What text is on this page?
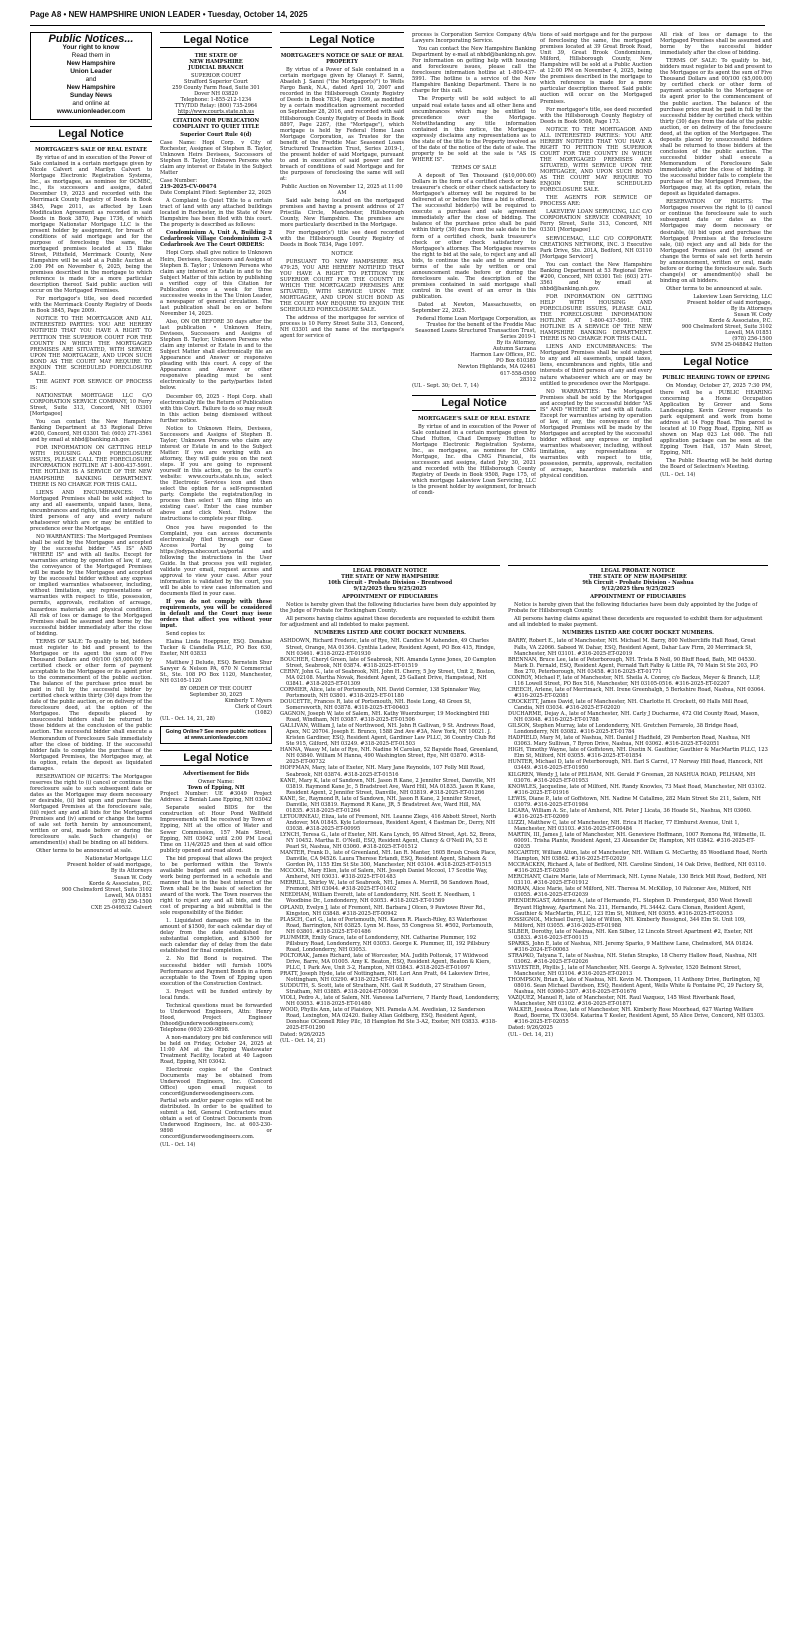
Page A8 • NEW HAMPSHIRE UNION LEADER • Tuesday, October 14, 2025
Public Notices...
Your right to know
Read them in
New Hampshire
Union Leader
and
New Hampshire
Sunday News
and online at
www.unionleader.com
Legal Notice
MORTGAGEE'S SALE OF REAL ESTATE

By virtue of and in execution of the Power of Sale contained in a certain mortgage given by Nicole Calvert and Marilyn Calvert to Mortgage Electronic Registration Systems, Inc., as mortgagee, as nominee for OCMBC, Inc., its successors and assigns, dated December 19, 2023 and recorded with the Merrimack County Registry of Deeds in Book 3845, Page 2011, as affected by Loan Modification Agreement as recorded in said Deeds in Book 3870, Page 1736, of which mortgage Nationstar Mortgage LLC is the present holder by assignment, for breach of conditions of said mortgage and for the purpose of foreclosing the same, the mortgaged premises located at 15 Blake Street, Pittsfield, Merrimack County, New Hampshire will be sold at a Public Auction at 2:00 PM on November 6, 2025, being the premises described in the mortgage to which reference is made for a more particular description thereof. Said public auction will occur on the Mortgaged Premises.

For mortgagor's title, see deed recorded with the Merrimack County Registry of Deeds in Book 3845, Page 2009.

NOTICE TO THE MORTGAGOR AND ALL INTERESTED PARTIES: YOU ARE HEREBY NOTIFIED THAT YOU HAVE A RIGHT TO PETITION THE SUPERIOR COURT FOR THE COUNTY IN WHICH THE MORTGAGED PREMISES ARE SITUATED, WITH SERVICE UPON THE MORTGAGEE, AND UPON SUCH BOND AS THE COURT MAY REQUIRE TO ENJOIN THE SCHEDULED FORECLOSURE SALE.

THE AGENT FOR SERVICE OF PROCESS IS:

NATIONSTAR MORTGAGE LLC C/O CORPORATION SERVICE COMPANY, 10 Ferry Street, Suite 313, Concord, NH 03301 [Mortgagee]

You can contact the New Hampshire Banking Department at 53 Regional Drive #200, Concord, NH 03301 Tel: (603) 271-3561 and by email at nhbd@banking.nh.gov.

FOR INFORMATION ON GETTING HELP WITH HOUSING AND FORECLOSURE ISSUES, PLEASE CALL THE FORECLOSURE INFORMATION HOTLINE AT 1-800-437-5991. THE HOTLINE IS A SERVICE OF THE NEW HAMPSHIRE BANKING DEPARTMENT. THERE IS NO CHARGE FOR THIS CALL.

LIENS AND ENCUMBRANCES: The Mortgaged Premises shall be sold subject to any and all easements, unpaid taxes, liens, encumbrances and rights, title and interests of third persons of any and every nature whatsoever which are or may be entitled to precedence over the Mortgage.

NO WARRANTIES: The Mortgaged Premises shall be sold by the Mortgagee and accepted by the successful bidder "AS IS" AND "WHERE IS" and with all faults. Except for warranties arising by operation of law, if any, the conveyance of the Mortgaged Premises will be made by the Mortgagee and accepted by the successful bidder without any express or implied warranties whatsoever, including, without limitation, any representations or warranties with respect to title, possession, permits, approvals, recitation of acreage, hazardous materials and physical condition. All risk of loss or damage to the Mortgaged Premises shall be assumed and borne by the successful bidder immediately after the close of bidding.

TERMS OF SALE: To qualify to bid, bidders must register to bid and present to the Mortgagee or its agent the sum of Five Thousand Dollars and 00/100 ($5,000.00) by certified check or other form of payment acceptable to the Mortgagee or its agent prior to the commencement of the public auction. The balance of the purchase price must be paid in full by the successful bidder by certified check within thirty (30) days from the date of the public auction, or on delivery of the foreclosure deed, at the option of the Mortgagee. The deposits placed by unsuccessful bidders shall be returned to those bidders at the conclusion of the public auction. The successful bidder shall execute a Memorandum of Foreclosure Sale immediately after the close of bidding. If the successful bidder fails to complete the purchase of the Mortgaged Premises, the Mortgagee may, at its option, retain the deposit as liquidated damages.

RESERVATION OF RIGHTS: The Mortgagee reserves the right to (i) cancel or continue the foreclosure sale to such subsequent date or dates as the Mortgagee may deem necessary or desirable, (ii) bid upon and purchase the Mortgaged Premises at the foreclosure sale, (iii) reject any and all bids for the Mortgaged Premises and (iv) amend or change the terms of sale set forth herein by announcement, written or oral, made before or during the foreclosure sale. Such change(s) or amendment(s) shall be binding on all bidders.

Other terms to be announced at sale.

Nationstar Mortgage LLC
Present holder of said mortgage,
By its Attorneys
Susan W. Cody
Korde & Associates, P.C.
900 Chelmsford Street, Suite 3102
Lowell, MA 01851
(978) 256-1500
CXE 25-049532 Calvert
Legal Notice
THE STATE OF
NEW HAMPSHIRE
JUDICIAL BRANCH
SUPERIOR COURT
Strafford Superior Court
259 County Farm Road, Suite 301
Dover NH 03820
Telephone: 1-855-212-1234
TTY/TDD Relay: (800) 735-2964
http://www.courts.state.nh.us
CITATION FOR PUBLICATION COMPLAINT TO QUIET TITLE
Superior Court Rule 4(d)

Case Name: Hopi Corp. v City of Rochester, Assignee of Stephen B. Taylor, Unknown Heirs Devisees, Successors of Stephen B. Taylor, Unknown Persons who claim any interest or Estate in the Subject Matter

Case Number:
219-2025-CV-00474

Date Complaint Filed: September 22, 2025

A Complaint to Quiet Title to a certain tract of land with any attached buildings located in Rochester, in the State of New Hampshire has been filed with this court. The property is described as follows:

Condominium A, Unit A, Building 2 Cedarbrook Village Condominium 2-A Cedarbrook Ave The Court ORDERS:

Hopi Corp. shall give notice to Unknown Heirs, Devisees, Successors and Assigns of Stephen B. Taylor ; Unknown Persons who claim any interest or Estate in and to the Subject Matter of this action by publishing a verified copy of this Citation for Publication once a week for three successive weeks in the The Union Leader, a newspaper of general circulation. The last publication shall be on or before November 14, 2025.

Also, ON OR BEFORE 30 days after the last publication • Unknown Heirs, Devisees, Successors and Assigns of Stephen B. Taylor; Unknown Persons who claim any interest or Estate in and to the Subject Matter shall electronically file an Appearance and Answer or responsive pleading with this court. A copy of the Appearance and Answer or other responsive pleading must be sent electronically to the party/parties listed below.

December 05, 2025 - Hopi Corp. shall electronically file the Return of Publication with this Court. Failure to do so may result in this action being dismissed without further notice.

Notice to Unknown Heirs, Devisees, Successors and Assigns of Stephen B. Taylor; Unknown Persons who claim any interest or Estate in and to the Subject Matter: If you are working with an attorney, they will guide you on the next steps. If you are going to represent yourself in this action, go to the court's website: www.courts.state.nh.us, select the Electronic Services icon and then select the option for a self-represented party. Complete the registration/log in process then select 'I am filing into an existing case'. Enter the case number above and click Next. Follow the instructions to complete your filing.

Once you have responded to the Complaint, you can access documents electronically filed through our Case Access Portal by going to https://odypa.nhecourt.us/portal and following the instructions in the User Guide. In that process you will register, validate your email, request access and approval to view your case. After your information is validated by the court, you will be able to view case information and documents filed in your case.

If you do not comply with these requirements, you will be considered in default and the Court may issue orders that affect you without your input.

Send copies to:

Elaina Linda Hoeppner, ESQ. Donahue Tucker & Ciandella PLLC, PO Box 630, Exeter, NH 03833

Matthew J Delude, ESQ. Bernstein Shur Sawyer & Nelson PA, 670 N Commercial St., Ste. 108 PO Box 1120, Manchester, NH 03105-1120

BY ORDER OF THE COURT
September 30, 2025
Kimberly T. Myers
Clerk of Court
(1082)
(UL - Oct. 14, 21, 28)
Going Online? See more public notices at www.unionleader.com
Legal Notice
Advertisement for Bids
Owner Name:
Town of Epping, NH

Project Number: UE #3049 Project Address: 2 Beniah Lane Epping, NH 03042

Separate sealed BIDS for the construction of: Hour Pond Wellfield Improvements will be received by Town of Epping, NH at the office of Water and Sewer Commission, 157 Main Street, Epping, NH 03042 until 2:00 PM Local Time on 11/4/2025 and then at said office publicly opened and read aloud.

The bid proposal that allows the project to be performed within the Town's available budget and will result in the work being performed in a schedule and manner that is in the best interest of the Town shall be the basis of selection for award of the work. The Town reserves the right to reject any and all bids, and the cost of preparing a bid submittal is the sole responsibility of the Bidder.

1. Liquidated damages will be in the amount of $1500, for each calendar day of delay from the date established for substantial completion, and $1500 for each calendar day of delay from the date established for final completion.

2. No Bid Bond is required. The successful bidder will furnish 100% Performance and Payment Bonds in a form acceptable to the Town of Epping upon execution of the Construction Contract.

3. Project will be funded entirely by local funds.

Technical questions must be forwarded to Underwood Engineers, Attn: Henry Hood, Project Engineer (hhood@underwoodengineers.com); Telephone (603) 230-9898.

A non-mandatory pre bid conference will be held on Friday, October 24, 2025 at 11:00 AM at the Epping Wastewater Treatment Facility, located at 40 Lagoon Road, Epping, NH 03042.

Electronic copies of the Contract Documents may be obtained from Underwood Engineers, Inc. (Concord Office) upon email request to concord@underwoodengineers.com. Partial sets and/or paper copies will not be distributed. In order to be qualified to submit a bid, General Contractors must obtain a set of Contract Documents from Underwood Engineers, Inc. at 603-230-9898 or concord@underwoodengineers.com.

(UL - Oct. 14)
Legal Notice
MORTGAGEE'S NOTICE OF SALE OF REAL PROPERTY

By virtue of a Power of Sale contained in a certain mortgage given by Olanayi F. Sanni, Abaeleh J. Sanni ("the Mortgagor(s)") to Wells Fargo Bank, N.A., dated April 10, 2007 and recorded in the Hillsborough County Registry of Deeds in Book 7834, Page 1099, as modified by a certain modification agreement recorded on September 28, 2016, and recorded with said Hillsborough County Registry of Deeds in Book 8897, Page 2267, (the "Mortgage"), which mortgage is held by Federal Home Loan Mortgage Corporation, as Trustee for the benefit of the Freddie Mac Seasoned Loans Structured Transaction Trust, Series 2019-1, the present holder of said Mortgage, pursuant to and in execution of said power and for breach of conditions of said Mortgage and for the purposes of foreclosing the same will sell at:

Public Auction on November 12, 2025 at 11:00 AM

Said sale being located on the mortgaged premises and having a present address of 27 Priscilla Circle, Manchester, Hillsborough County, New Hampshire. The premises are more particularly described in the Mortgage.

For mortgagor(s') title see deed recorded with the Hillsborough County Registry of Deeds in Book 7834, Page 1097.

NOTICE

PURSUANT TO NEW HAMPSHIRE RSA 479:25, YOU ARE HEREBY NOTIFIED THAT YOU HAVE A RIGHT TO PETITION THE SUPERIOR COURT FOR THE COUNTY IN WHICH THE MORTGAGED PREMISES ARE SITUATED, WITH SERVICE UPON THE MORTGAGEE, AND UPON SUCH BOND AS THE COURT MAY REQUIRE TO ENJOIN THE SCHEDULED FORECLOSURE SALE.

The address of the mortgagee for service of process is 10 Ferry Street Suite 313, Concord, NH 03301 and the name of the mortgagee's agent for service of

process is Corporation Service Company d/b/a Lawyers Incorporating Service.

You can contact the New Hampshire Banking Department by e-mail at nhbd@banking.nh.gov. For information on getting help with housing and foreclosure issues, please call the foreclosure information hotline at 1-800-437-5991. The hotline is a service of the New Hampshire Banking Department. There is no charge for this call.

The Property will be sold subject to all unpaid real estate taxes and all other liens and encumbrances which may be entitled to precedence over the Mortgage. Notwithstanding any title information contained in this notice, the Mortgagee expressly disclaims any representations as to the state of the title to the Property involved as of the date of the notice of the date of sale. The property to be sold at the sale is "AS IS WHERE IS".

TERMS OF SALE

A deposit of Ten Thousand ($10,000.00) Dollars in the form of a certified check or bank treasurer's check or other check satisfactory to Mortgagee's attorney will be required to be delivered at or before the time a bid is offered. The successful bidder(s) will be required to execute a purchase and sale agreement immediately after the close of bidding. The balance of the purchase price shall be paid within thirty (30) days from the sale date in the form of a certified check, bank treasurer's check or other check satisfactory to Mortgagee's attorney. The Mortgagee reserves the right to bid at the sale, to reject any and all bids, to continue the sale and to amend the terms of the sale by written or oral announcement made before or during the foreclosure sale. The description of the premises contained in said mortgage shall control in the event of an error in this publication.

Dated at Newton, Massachusetts, on September 22, 2025.

Federal Home Loan Mortgage Corporation, as Trustee for the benefit of the Freddie Mac Seasoned Loans Structured Transaction Trust, Series 2019-1
By its Attorney,
Autumn Sarzana
Harmon Law Offices, P.C.
PO Box 610389
Newton Highlands, MA 02461
617-558-0500
28312
(UL - Sept. 30; Oct. 7, 14)
Legal Notice
MORTGAGEE'S SALE OF REAL ESTATE

By virtue of and in execution of the Power of Sale contained in a certain mortgage given by Chad Hutton, Chad Dempsey Hutton to Mortgage Electronic Registration Systems, Inc., as mortgagee, as nominee for CMG Mortgage, Inc. dba CMG Financial, its successors and assigns, dated July 30, 2021 and recorded with the Hillsborough County Registry of Deeds in Book 9508, Page 175, of which mortgage Lakeview Loan Servicing, LLC is the present holder by assignment, for breach of condi-

tions of said mortgage and for the purpose of foreclosing the same, the mortgaged premises located at 39 Great Brook Road, Unit 39, Great Brook Condominium, Milford, Hillsborough County, New Hampshire will be sold at a Public Auction at 12:00 PM on November 4, 2025, being the premises described in the mortgage to which reference is made for a more particular description thereof. Said public auction will occur on the Mortgaged Premises.

For mortgagor's title, see deed recorded with the Hillsborough County Registry of Deeds in Book 9508, Page 173.

NOTICE TO THE MORTGAGOR AND ALL INTERESTED PARTIES: YOU ARE HEREBY NOTIFIED THAT YOU HAVE A RIGHT TO PETITION THE SUPERIOR COURT FOR THE COUNTY IN WHICH THE MORTGAGED PREMISES ARE SITUATED, WITH SERVICE UPON THE MORTGAGEE, AND UPON SUCH BOND AS THE COURT MAY REQUIRE TO ENJOIN THE SCHEDULED FORECLOSURE SALE.

THE AGENTS FOR SERVICE OF PROCESS ARE:

LAKEVIEW LOAN SERVICING, LLC C/O CORPORATION SERVICE COMPANY, 10 Ferry Street, Suite 313, Concord, NH 03301 [Mortgagee]

SERVICEMAC, LLC C/O CORPORATE CREATIONS NETWORK, INC. 3 Executive Park Drive, Ste. 201A, Bedford, NH 03110 [Mortgage Servicer]

You can contact the New Hampshire Banking Department at 53 Regional Drive #200, Concord, NH 03301 Tel: (603) 271-3561 and by email at nhbd@banking.nh.gov.

FOR INFORMATION ON GETTING HELP WITH HOUSING AND FORECLOSURE ISSUES, PLEASE CALL THE FORECLOSURE INFORMATION HOTLINE AT 1-800-437-5991. THE HOTLINE IS A SERVICE OF THE NEW HAMPSHIRE BANKING DEPARTMENT. THERE IS NO CHARGE FOR THIS CALL.

LIENS AND ENCUMBRANCES: The Mortgaged Premises shall be sold subject to any and all easements, unpaid taxes, liens, encumbrances and rights, title and interests of third persons of any and every nature whatsoever which are or may be entitled to precedence over the Mortgage.

NO WARRANTIES: The Mortgaged Premises shall be sold by the Mortgagee and accepted by the successful bidder "AS IS" AND "WHERE IS" and with all faults. Except for warranties arising by operation of law, if any, the conveyance of the Mortgaged Premises will be made by the Mortgagee and accepted by the successful bidder without any express or implied warranties whatsoever, including, without limitation, any representations or warranties with respect to title, possession, permits, approvals, recitation of acreage, hazardous materials and physical condition.

All risk of loss or damage to the Mortgaged Premises shall be assumed and borne by the successful bidder immediately after the close of bidding.

TERMS OF SALE: To qualify to bid, bidders must register to bid and present to the Mortgagee or its agent the sum of Five Thousand Dollars and 00/100 ($5,000.00) by certified check or other form of payment acceptable to the Mortgagee or its agent prior to the commencement of the public auction. The balance of the purchase price must be paid in full by the successful bidder by certified check within thirty (30) days from the date of the public auction, or on delivery of the foreclosure deed, at the option of the Mortgagee. The deposits placed by unsuccessful bidders shall be returned to those bidders at the conclusion of the public auction. The successful bidder shall execute a Memorandum of Foreclosure Sale immediately after the close of bidding. If the successful bidder fails to complete the purchase of the Mortgaged Premises, the Mortgagee may, at its option, retain the deposit as liquidated damages.

RESERVATION OF RIGHTS: The Mortgagee reserves the right to (i) cancel or continue the foreclosure sale to such subsequent date or dates as the Mortgagee may deem necessary or desirable, (ii) bid upon and purchase the Mortgaged Premises at the foreclosure sale, (iii) reject any and all bids for the Mortgaged Premises and (iv) amend or change the terms of sale set forth herein by announcement, written or oral, made before or during the foreclosure sale. Such change(s) or amendment(s) shall be binding on all bidders.

Other terms to be announced at sale.

Lakeview Loan Servicing, LLC
Present holder of said mortgage,
By its Attorneys
Susan W. Cody
Korde & Associates, P.C.
900 Chelmsford Street, Suite 3102
Lowell, MA 01851
(978) 256-1500
SVM 25-048842 Hutton
Legal Notice
PUBLIC HEARING TOWN OF EPPING

On Monday, October 27, 2025 7:30 PM, there will be a PUBLIC HEARING concerning a Home Occupation Application by Grover and Sons Landscaping. Kevin Grover requests to park equipment and work from home address at 14 Fogg Road. This parcel is located at 10 Fogg Road, Epping, NH as shown on Map 023 Lot 060. The full application package can be seen at the Epping Town Hall, 157 Main Street, Epping, NH.

The Public Hearing will be held during the Board of Selectmen's Meeting.

(UL - Oct. 14)
LEGAL PROBATE NOTICE
THE STATE OF NEW HAMPSHIRE
10th Circuit - Probate Division - Brentwood
9/12/2025 thru 9/25/2025
APPOINTMENT OF FIDUCIARIES

Notice is hereby given that the following fiduciaries have been duly appointed by the Judge of Probate for Rockingham County.

All persons having claims against these decedents are requested to exhibit them for adjustment and all indebted to make payment.

NUMBERS LISTED ARE COURT DOCKET NUMBERS.

ASHDOWN, Richard Frederic, late of Rye, NH. Candice M Ashenden, 49 Charles Street, Orange, MA 01364. Cynthia Ladew, Resident Agent, PO Box 415, Rindge, NH 03461. #318-2022-ET-01930

BOUCHER, Cheryl Green, late of Seabrook, NH. Amanda Lynne Jones, 20 Campton Street, Seabrook, NH 03874. #318-2025-ET-01519

CERNY, John G., late of Seabrook, NH. John H. Cherry, 5 Joy Street, Unit 2, Boston, MA 02108. Martha Novak, Resident Agent, 25 Gallant Drive, Hampstead, NH 03841. #318-2025-ET-01309

CORMIER, Alice, late of Portsmouth, NH. David Cormier, 138 Spinnaker Way, Portsmouth, NH 03801. #318-2025-ET-01180

DOUCETTE, Frances R, late of Portsmouth, NH. Rosie Long, 48 Green St, Somersworth, NH 03878. #318-2025-ET-00403

GAGNON, Joseph W, late of Salem, NH. Kathy Wuerzburger, 19 Mockingbird Hill Road, Windham, NH 03087. #318-2025-ET-01506

GALLIVAN, William J, late of Northwood, NH. John R Gallivan, 9 St. Andrews Road, Apex, NC 20704. Joseph E. Brunco, 1588 2nd Ave #3A, New York, NY 10021. J. Kristen Gardiner, ESQ, Resident Agent, Gardiner Law PLLC, 36 Country Club Rd Ste 915, Gilford, NH 03249. #318-2025-ET-01503

HANNA, Wassy M, late of Rye, NH. Nadine M Carolan, 52 Bayside Road, Greenland, NH 03840. William M Hanna, 490 Washington Street, Rye, NH 03870. #318-2025-ET-00732

HOFFMAN, Mary, late of Exeter, NH. Mary Jane Reynolds, 107 Folly Mill Road, Seabrook, NH 03874. #318-2025-ET-01516

KANE, Mary K, late of Sandown, NH. Jason R Kane, 2 Jennifer Street, Danville, NH 03819. Raymond Kane Jr., 5 Bradstreet Ave, Ward Hill, MA 01835. Jason R Kane, Resident Agent, 2 Jennifer Street, Danville, NH 03819. #318-2025-ET-01266

KANE, Sr., Raymond R, late of Sandown, NH. Jason R Kane, 2 Jennifer Street, Danville, NH 03819. Raymond R Kane, JR, 5 Bradstreet Ave, Ward Hill, MA 01835. #318-2025-ET-01264

LETOURNEAU, Eliza, late of Fremont, NH. Leanne Zlegs, 416 Abbott Street, North Andover, MA 01845. Kyle Letourneau, Resident Agent, 4 Eastman Dr., Derry, NH 03038. #318-2025-ET-00995

LYNCH, Teresa G., late of Exeter, NH. Kara Lynch, 95 Alfred Street, Apt. 52, Bronx, NY 10452. Martha E. O'Neill, ESQ, Resident Agent, Clancy & O'Neill PA, 53 E Pearl St, Nashua, NH 03060. #318-2025-ET-01512

MANTER, Frank D., late of Greenland, NH. Ian R. Manter, 1605 Brush Creek Place, Danville, CA 94526. Laura Therese Ertandi, ESQ, Resident Agent, Shaheen & Gordon PA, 1155 Elm St Ste 300, Manchester, NH 03104. #318-2025-ET-01515

MCCOOL, Mary Ellen, late of Salem, NH. Joseph Daniel Mccool, 17 Scottie Way, Amherst, NH 03031. #318-2025-ET-01483

MERRILL, Shirley W., late of Seabrook, NH. James A. Merrill, 56 Sandown Road, Fremont, NH 03044. #318-2025-ET-01402

NEEDHAM, William Everett, late of Londonderry, NH. Scott E. Needham, 1 Woodbine Dr., Londonderry, NH 03053. #318-2025-ET-01569

OPLAND, Evelyn J, late of Fremont, NH. Barbara J Olcen, 9 Pawtowe River Rd., Kingston, NH 03848. #318-2025-ET-00942

PLASCH, Carl G., late of Portsmouth, NH. Karen R. Plasch-Riley, 83 Waterhouse Road, Barrington, NH 03825. Lynn M. Ross, 55 Congress St. #502, Portsmouth, NH 03801. #318-2025-ET-01486

PLUMMER, Emily Grace, late of Londonderry, NH. Catharine Plummer, 192 Pillsbury Road, Londonderry, NH 03053. George K. Plummer, III, 192 Pillsbury Road, Londonderry, NH 03053.

POLTORAK, James Richard, late of Worcester, MA. Judith Poltorak, 17 Wildwood Drive, Barre, MA 01005. Amy K. Beaton, ESQ, Resident Agent, Beaton & Kiers, PLLC, 1 Park Ave, Unit 3-2, Hampton, NH 03843. #318-2025-ET-01097

PRATT, Joseph Hyde, late of Nottingham, NH. Lori Ann Pratt, 64 Lakeview Drive, Nottingham, NH 03290. #318-2025-ET-01461

SUDDUTH, S. Scott, late of Stratham, NH. Gail R Sudduth, 27 Stratham Green, Stratham, NH 03885. #318-2024-ET-00936

VIOLI, Pedro A., late of Salem, NH. Vanessa LaFerriere, 7 Hardy Road, Londonderry, NH 03053. #318-2025-ET-01480

WOOD, Phyllis Ann, late of Plaistow, NH. Pamela A.M. Avedisian, 12 Sanderson Road, Lexington, MA 02420. Bailey Allan Goldberg, ESQ, Resident Agent, Donohue OConnell Riley Pllc, 18 Hampton Rd Ste 3-A2, Exeter, NH 03833. #318-2025-ET-01290

Dated: 9/26/2025
(UL - Oct. 14, 21)
LEGAL PROBATE NOTICE
THE STATE OF NEW HAMPSHIRE
9th Circuit - Probate Division - Nashua
9/12/2025 thru 9/25/2025
APPOINTMENT OF FIDUCIARIES

Notice is hereby given that the following fiduciaries have been duly appointed by the Judge of Probate for Hillsborough County.

All persons having claims against these decedents are requested to exhibit them for adjustment and all indebted to make payment.

NUMBERS LISTED ARE COURT DOCKET NUMBERS.

BARRY, Robert E., late of Manchester, NH. Michael M. Barry, 800 Nethercliffe Hall Road, Great Falls, VA 22066. Sabeed W. Dahar, ESQ, Resident Agent, Dahar Law Firm, 20 Merrimack St, Manchester, NH 03101. #316-2025-ET-02019

BRENNAN, Bruce Lee, late of Peterborough, NH. Trista B Noll, 90 Bluff Road, Bath, ME 04530. Mark D. Fernald, ESQ, Resident Agent, Fernald Taft Falby & Little PA, 70 Main St Ste 203, PO Box 270, Peterborough, NH 03458. #316-2025-ET-01771

CONROY, Michael F, late of Manchester, NH. Sheila A. Conroy, c/o Backus, Meyer & Branch, LLP, 116 Lowell Street, PO Box 516, Manchester, NH 03105-0516. #316-2025-ET-02207

CREECH, Arlene, late of Merrimack, NH. Irene Greenhalgh, 5 Berkshire Road, Nashua, NH 03064. #316-2025-ET-02081

CROCKETT, James David, late of Manchester, NH. Charlotte H. Crockett, 60 Halls Mill Road, Candia, NH 03034. #316-2025-ET-02020

DUCHARME, Dejay A., late of Manchester, NH. Carly J Ducharme, 472 Old County Road, Mason, NH 03048. #316-2025-ET-01788

GILSON, Stephen Murray, late of Londonderry, NH. Gretchen Ferrarolo, 38 Bridge Road, Londonderry, NH 03082. #316-2025-ET-01784

HADFIELD, Mary M, late of Nashua, NH. Daniel J Hadfield, 29 Pemberton Road, Nashua, NH 03063. Mary Sullivan, 7 Byron Drive, Nashua, NH 03062. #316-2025-ET-02051

HIGH, Timothy Wayne, late of Goffstown, NH. Dustin N. Gauthier, Gauthier & MacMartin PLLC, 123 Elm St, Milford, NH 03055. #316-2025-ET-01854

HUNTER, Michael D, late of Peterborough, NH. Earl S Carrel, 17 Norway Hill Road, Hancock, NH 03449. #316-2025-ET-01950

KILGREN, Wendy J, late of PELHAM, NH. Gerald F Greenan, 28 NASHUA ROAD, PELHAM, NH 03076. #316-2025-ET-01953

KNOWLES, Jacqueline, late of Milford, NH. Randy Knowles, 73 Mast Road, Manchester, NH 03102. #316-2025-ET-01916

LEWIS, Diane P., late of Goffstown, NH. Nadine M Catallmo, 282 Main Street Ste 211, Salem, NH 03079. #316-2025-ET-01984

LICARA, William A. Sr., late of Amherst, NH. Peter J Licata, 36 Hoade St., Nashua, NH 03060. #316-2025-ET-02069

LUZZI, Matthew C, late of Manchester, NH. Erica H Hacker, 77 Elmhurst Avenue, Unit 1, Manchester, NH 03103. #316-2025-ET-00484

MARTIN, III, James J, late of Manchester, NH. Genevieve Hoffmann, 1007 Romona Rd, Wilmette, IL 60091. Trisha Plante, Resident Agent, 23 Alexander Dr, Hampton, NH 03842. #316-2025-ET-02035

MCCARTHY, William Alton, late of Manchester, NH. William G. McCarthy, 85 Woodland Road, North Hampton, NH 03862. #316-2025-ET-02029

MCCRACKEN, Richard A, late of Bedford, NH. Caroline Sindoni, 14 Oak Drive, Bedford, NH 03110. #316-2025-ET-02050

MERCHANT, Claire Marie, late of Merrimack, NH. Lynne Natale, 130 Brick Mill Road, Bedford, NH 03110. #316-2025-ET-01912

MORAN, Alice Marie, late of Milford, NH. Theresa M. McKillop, 10 Falconer Ave, Milford, NH 03055. #316-2025-ET-02039

PRENDERGAST, Adrienne A., late of Hernando, FL. Stephen D. Prendergast, 850 West Howell Bryant Highway, Apartment No. 211, Hernando, FL 34442. Cara Clonan, Resident Agent, Gauthier & MacMartin, PLLC, 123 Elm St, Milford, NH 03055. #316-2025-ET-02053

ROSSIGNOL, Michael Darryl, late of Wilton, NH. Kimberly Rossignol, 344 Elm St. Unit 109, Milford, NH 03055. #316-2025-ET-01988

SILBER, Dorothy, late of Nashua, NH. Ken Silber, 12 Lincoln Street Apartment #2, Exeter, NH 03833. #316-2023-ET-00115

SPARKS, John E, late of Nashua, NH. Jeremy Sparks, 9 Matthew Lane, Chelmsford, MA 01824. #316-2024-ET-00063

STRAPKO, Tatyana T., late of Nashua, NH. Stefan Strapko, 18 Cherry Hallow Road, Nashua, NH 03062. #316-2025-ET-02026

SYLVESTER, Phyllis J., late of Manchester, NH. George A. Sylvester, 1520 Belmont Street, Manchester, NH 03104. #316-2025-ET-02013

THOMPSON, Brian K, late of Nashua, NH. Kevin M. Thompson, 11 Anthony Drive, Burlington, NJ 08016. Sean Michael Davidson, ESQ, Resident Agent, Wells White & Fontaine PC, 29 Factory St, Nashua, NH 03060-3307. #316-2025-ET-01676

VAZQUEZ, Manuel R, late of Manchester, NH. Raul Vazquez, 145 West Riverbank Road, Manchester, NH 03102. #316-2025-ET-01871

WALKER, Jessica Rose, late of Manchester, NH. Kimberly Rose Moorhead, 627 Waring Welfare Road, Boerne, TX 03054. Katarina T Keeler, Resident Agent, 55 Alice Drive, Concord, NH 03303. #316-2025-ET-02055

Dated: 9/26/2025
(UL - Oct. 14, 21)
